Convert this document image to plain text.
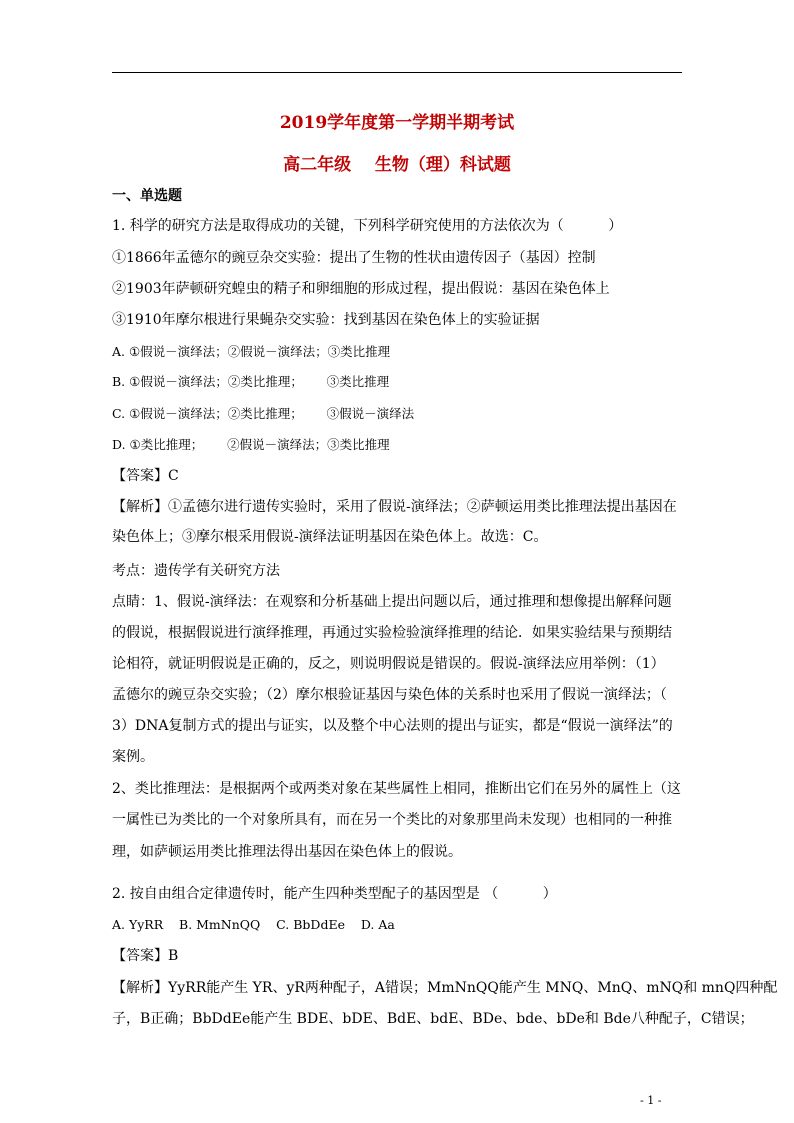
2019学年度第一学期半期考试
高二年级    生物（理）科试题
一、单选题
1. 科学的研究方法是取得成功的关键，下列科学研究使用的方法依次为（          ）
①1866年孟德尔的豌豆杂交实验：提出了生物的性状由遗传因子（基因）控制
②1903年萨顿研究蝗虫的精子和卵细胞的形成过程，提出假说：基因在染色体上
③1910年摩尔根进行果蝇杂交实验：找到基因在染色体上的实验证据
A. ①假说－演绎法；②假说－演绎法；③类比推理
B. ①假说－演绎法；②类比推理；      ③类比推理
C. ①假说－演绎法；②类比推理；      ③假说－演绎法
D. ①类比推理；      ②假说－演绎法；③类比推理
【答案】C
【解析】①孟德尔进行遗传实验时，采用了假说-演绎法；②萨顿运用类比推理法提出基因在
染色体上；③摩尔根采用假说-演绎法证明基因在染色体上。故选：C。
考点：遗传学有关研究方法
点睛：1、假说-演绎法：在观察和分析基础上提出问题以后，通过推理和想像提出解释问题
的假说，根据假说进行演绎推理，再通过实验检验演绎推理的结论．如果实验结果与预期结
论相符，就证明假说是正确的，反之，则说明假说是错误的。假说-演绎法应用举例：（1）
孟德尔的豌豆杂交实验；（2）摩尔根验证基因与染色体的关系时也采用了假说一演绎法；（
3）DNA复制方式的提出与证实，以及整个中心法则的提出与证实，都是“假说一演绎法”的
案例。
2、类比推理法：是根据两个或两类对象在某些属性上相同，推断出它们在另外的属性上（这
一属性已为类比的一个对象所具有，而在另一个类比的对象那里尚未发现）也相同的一种推
理，如萨顿运用类比推理法得出基因在染色体上的假说。
2. 按自由组合定律遗传时，能产生四种类型配子的基因型是 （          ）
A. YyRR    B. MmNnQQ    C. BbDdEe    D. Aa
【答案】B
【解析】YyRR能产生 YR、yR两种配子，A错误；MmNnQQ能产生 MNQ、MnQ、mNQ和 mnQ四种配
子，B正确；BbDdEe能产生 BDE、bDE、BdE、bdE、BDe、bde、bDe和 Bde八种配子，C错误；
- 1 -
